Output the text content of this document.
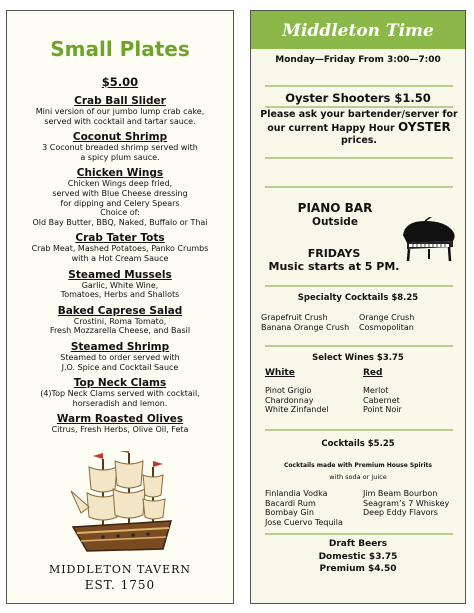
Small Plates
$5.00
Crab Ball Slider
Mini version of our jumbo lump crab cake,
served with cocktail and tartar sauce.
Coconut Shrimp
3 Coconut breaded shrimp served with
a spicy plum sauce.
Chicken Wings
Chicken Wings deep fried,
served with Blue Cheese dressing
for dipping and Celery Spears
Choice of:
Old Bay Butter, BBQ, Naked, Buffalo or Thai
Crab Tater Tots
Crab Meat, Mashed Potatoes, Panko Crumbs
with a Hot Cream Sauce
Steamed Mussels
Garlic, White Wine,
Tomatoes, Herbs and Shallots
Baked Caprese Salad
Crostini, Roma Tomato,
Fresh Mozzarella Cheese, and Basil
Steamed Shrimp
Steamed to order served with
J.O. Spice and Cocktail Sauce
Top Neck Clams
(4)Top Neck Clams served with cocktail,
horseradish and lemon.
Warm Roasted Olives
Citrus, Fresh Herbs, Olive Oil, Feta
MIDDLETON TAVERN
EST. 1750
Middleton Time
Monday—Friday From 3:00—7:00
Oyster Shooters $1.50
Please ask your bartender/server for
our current Happy Hour OYSTER
prices.
PIANO BAR
Outside
FRIDAYS
Music starts at 5 PM.
Specialty Cocktails $8.25
Grapefruit Crush
Banana Orange Crush
Orange Crush
Cosmopolitan
Select Wines $3.75
White	Red
Pinot Grigio
Chardonnay
White Zinfandel
Merlot
Cabernet
Point Noir
Cocktails $5.25
Cocktails made with Premium House Spirits
with soda or juice
Finlandia Vodka
Bacardi Rum
Bombay Gin
Jose Cuervo Tequila
Jim Beam Bourbon
Seagram’s 7 Whiskey
Deep Eddy Flavors
Draft Beers
Domestic $3.75
Premium $4.50
